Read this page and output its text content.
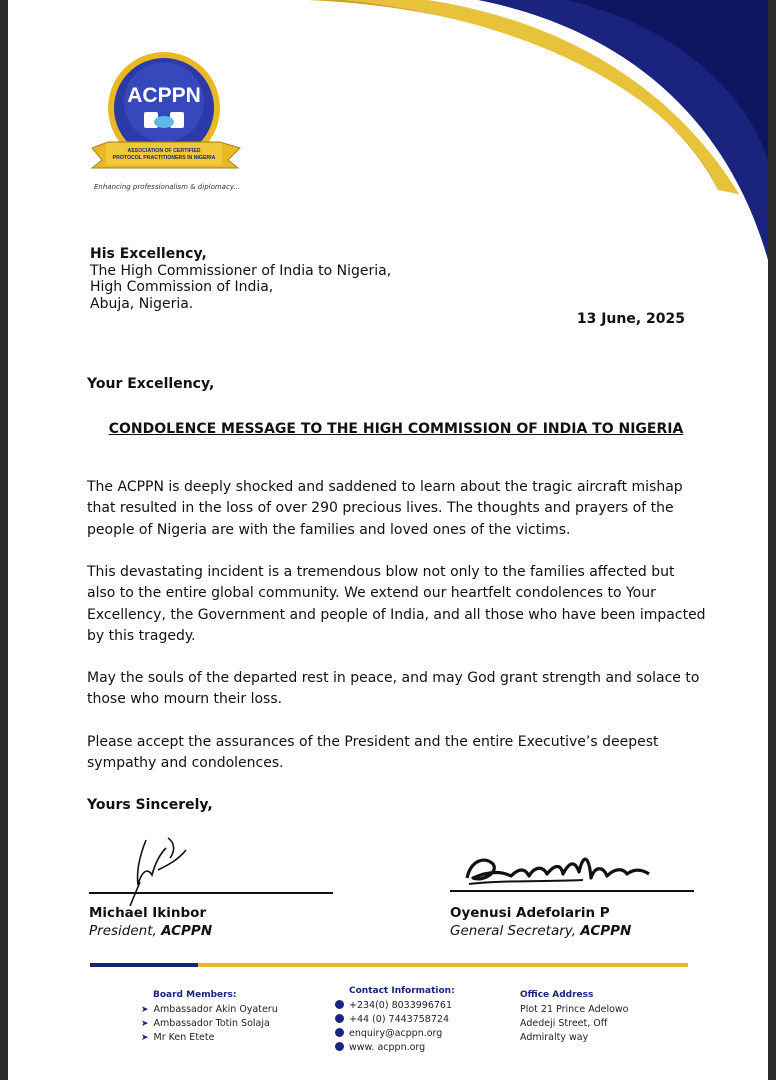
ACPPN
ASSOCIATION OF CERTIFIED
PROTOCOL PRACTITIONERS IN NIGERIA
Enhancing professionalism & diplomacy...
His Excellency,
The High Commissioner of India to Nigeria,
High Commission of India,
Abuja, Nigeria.
13 June, 2025
Your Excellency,
CONDOLENCE MESSAGE TO THE HIGH COMMISSION OF INDIA TO NIGERIA
The ACPPN is deeply shocked and saddened to learn about the tragic aircraft mishap that resulted in the loss of over 290 precious lives. The thoughts and prayers of the people of Nigeria are with the families and loved ones of the victims.
This devastating incident is a tremendous blow not only to the families affected but also to the entire global community. We extend our heartfelt condolences to Your Excellency, the Government and people of India, and all those who have been impacted by this tragedy.
May the souls of the departed rest in peace, and may God grant strength and solace to those who mourn their loss.
Please accept the assurances of the President and the entire Executive’s deepest sympathy and condolences.
Yours Sincerely,
Michael Ikinbor
President, ACPPN
Oyenusi Adefolarin P
General Secretary, ACPPN
Board Members:
➤ Ambassador Akin Oyateru
➤ Ambassador Totin Solaja
➤ Mr Ken Etete
Contact Information:
+234(0) 8033996761
+44 (0) 7443758724
enquiry@acppn.org
www. acppn.org
Office Address
Plot 21 Prince Adelowo
Adedeji Street, Off
Admiralty way
